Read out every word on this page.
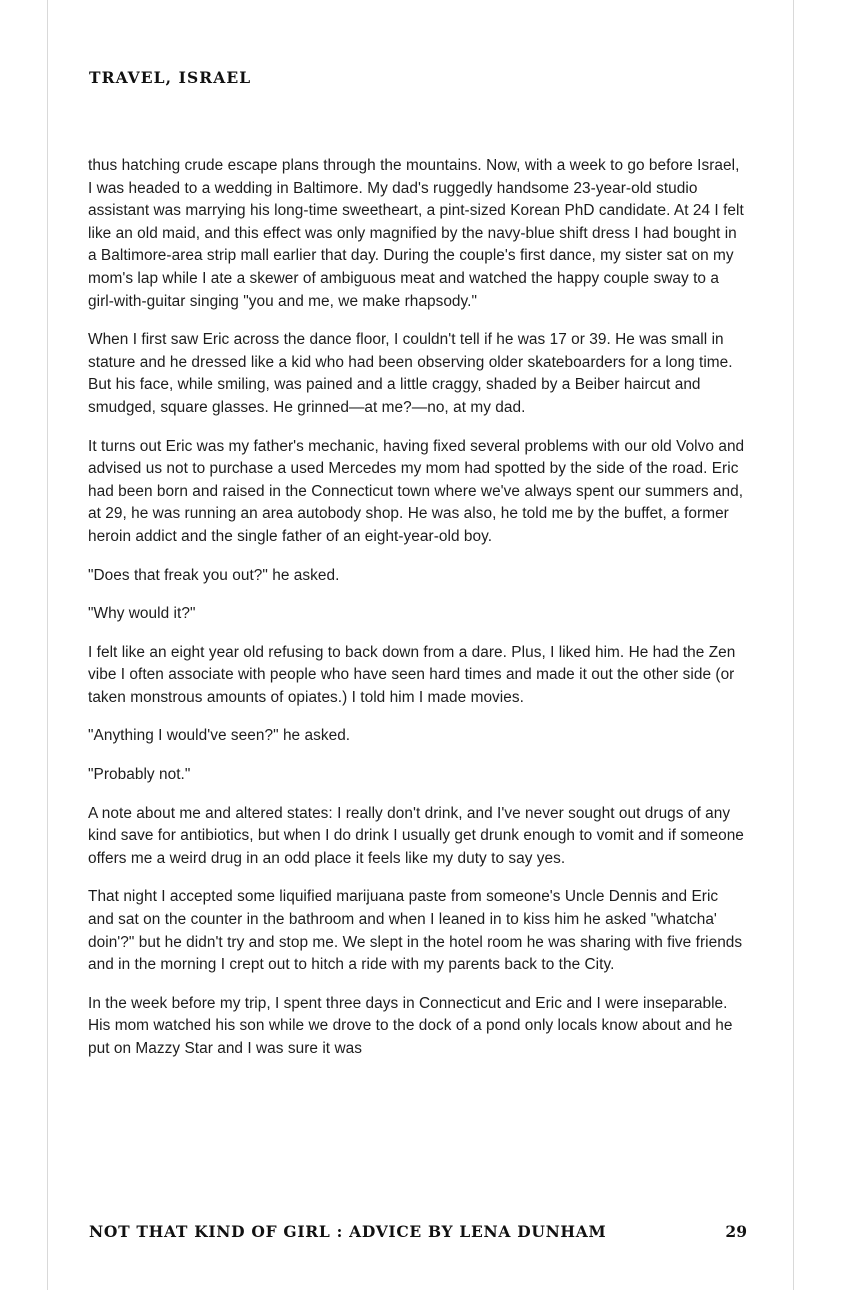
TRAVEL, ISRAEL

thus hatching crude escape plans through the mountains. Now, with a week to go before Israel, I was headed to a wedding in Baltimore. My dad's ruggedly handsome 23-year-old studio assistant was marrying his long-time sweetheart, a pint-sized Korean PhD candidate. At 24 I felt like an old maid, and this effect was only magnified by the navy-blue shift dress I had bought in a Baltimore-area strip mall earlier that day. During the couple's first dance, my sister sat on my mom's lap while I ate a skewer of ambiguous meat and watched the happy couple sway to a girl-with-guitar singing "you and me, we make rhapsody."

When I first saw Eric across the dance floor, I couldn't tell if he was 17 or 39. He was small in stature and he dressed like a kid who had been observing older skateboarders for a long time. But his face, while smiling, was pained and a little craggy, shaded by a Beiber haircut and smudged, square glasses. He grinned—at me?—no, at my dad.

It turns out Eric was my father's mechanic, having fixed several problems with our old Volvo and advised us not to purchase a used Mercedes my mom had spotted by the side of the road. Eric had been born and raised in the Connecticut town where we've always spent our summers and, at 29, he was running an area autobody shop. He was also, he told me by the buffet, a former heroin addict and the single father of an eight-year-old boy.

"Does that freak you out?" he asked.

"Why would it?"

I felt like an eight year old refusing to back down from a dare. Plus, I liked him. He had the Zen vibe I often associate with people who have seen hard times and made it out the other side (or taken monstrous amounts of opiates.) I told him I made movies.

"Anything I would've seen?" he asked.

"Probably not."

A note about me and altered states: I really don't drink, and I've never sought out drugs of any kind save for antibiotics, but when I do drink I usually get drunk enough to vomit and if someone offers me a weird drug in an odd place it feels like my duty to say yes.

That night I accepted some liquified marijuana paste from someone's Uncle Dennis and Eric and sat on the counter in the bathroom and when I leaned in to kiss him he asked "whatcha' doin'?" but he didn't try and stop me. We slept in the hotel room he was sharing with five friends and in the morning I crept out to hitch a ride with my parents back to the City.

In the week before my trip, I spent three days in Connecticut and Eric and I were inseparable. His mom watched his son while we drove to the dock of a pond only locals know about and he put on Mazzy Star and I was sure it was

NOT THAT KIND OF GIRL : ADVICE BY LENA DUNHAM	29
